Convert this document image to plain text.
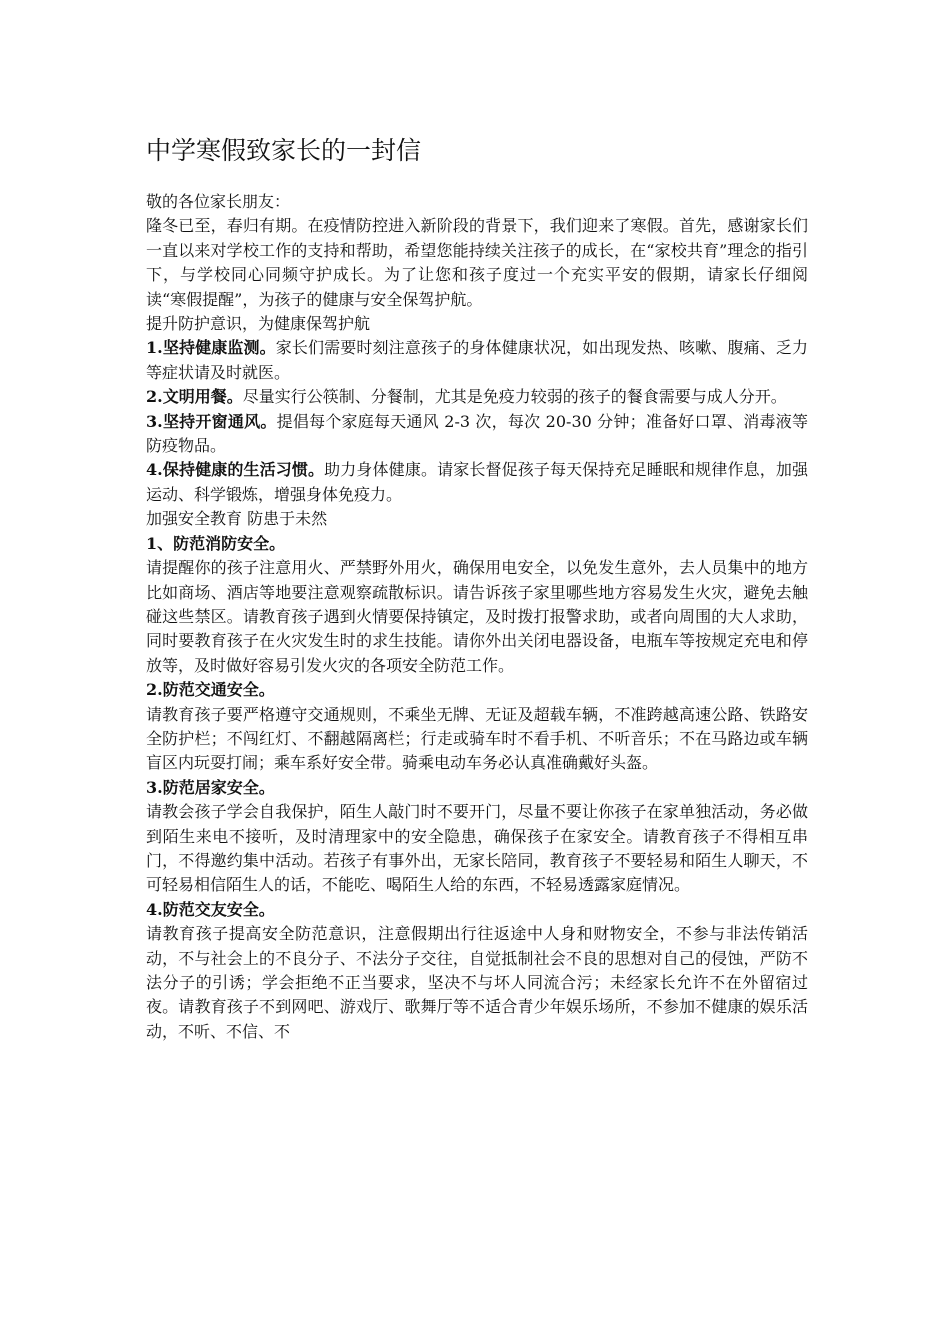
中学寒假致家长的一封信

敬的各位家长朋友：

隆冬已至，春归有期。在疫情防控进入新阶段的背景下，我们迎来了寒假。首先，感谢家长们一直以来对学校工作的支持和帮助，希望您能持续关注孩子的成长，在“家校共育”理念的指引下，与学校同心同频守护成长。为了让您和孩子度过一个充实平安的假期，请家长仔细阅读“寒假提醒”，为孩子的健康与安全保驾护航。

提升防护意识，为健康保驾护航

1.坚持健康监测。家长们需要时刻注意孩子的身体健康状况，如出现发热、咳嗽、腹痛、乏力等症状请及时就医。

2.文明用餐。尽量实行公筷制、分餐制，尤其是免疫力较弱的孩子的餐食需要与成人分开。

3.坚持开窗通风。提倡每个家庭每天通风 2-3 次，每次 20-30 分钟；准备好口罩、消毒液等防疫物品。

4.保持健康的生活习惯。助力身体健康。请家长督促孩子每天保持充足睡眠和规律作息，加强运动、科学锻炼，增强身体免疫力。

加强安全教育 防患于未然

1、防范消防安全。

请提醒你的孩子注意用火、严禁野外用火，确保用电安全，以免发生意外，去人员集中的地方比如商场、酒店等地要注意观察疏散标识。请告诉孩子家里哪些地方容易发生火灾，避免去触碰这些禁区。请教育孩子遇到火情要保持镇定，及时拨打报警求助，或者向周围的大人求助，同时要教育孩子在火灾发生时的求生技能。请你外出关闭电器设备，电瓶车等按规定充电和停放等，及时做好容易引发火灾的各项安全防范工作。

2.防范交通安全。

请教育孩子要严格遵守交通规则，不乘坐无牌、无证及超载车辆，不准跨越高速公路、铁路安全防护栏；不闯红灯、不翻越隔离栏；行走或骑车时不看手机、不听音乐；不在马路边或车辆盲区内玩耍打闹；乘车系好安全带。骑乘电动车务必认真准确戴好头盔。

3.防范居家安全。

请教会孩子学会自我保护，陌生人敲门时不要开门，尽量不要让你孩子在家单独活动，务必做到陌生来电不接听，及时清理家中的安全隐患，确保孩子在家安全。请教育孩子不得相互串门，不得邀约集中活动。若孩子有事外出，无家长陪同，教育孩子不要轻易和陌生人聊天，不可轻易相信陌生人的话，不能吃、喝陌生人给的东西，不轻易透露家庭情况。

4.防范交友安全。

请教育孩子提高安全防范意识，注意假期出行往返途中人身和财物安全，不参与非法传销活动，不与社会上的不良分子、不法分子交往，自觉抵制社会不良的思想对自己的侵蚀，严防不法分子的引诱；学会拒绝不正当要求，坚决不与坏人同流合污；未经家长允许不在外留宿过夜。请教育孩子不到网吧、游戏厅、歌舞厅等不适合青少年娱乐场所，不参加不健康的娱乐活动，不听、不信、不
